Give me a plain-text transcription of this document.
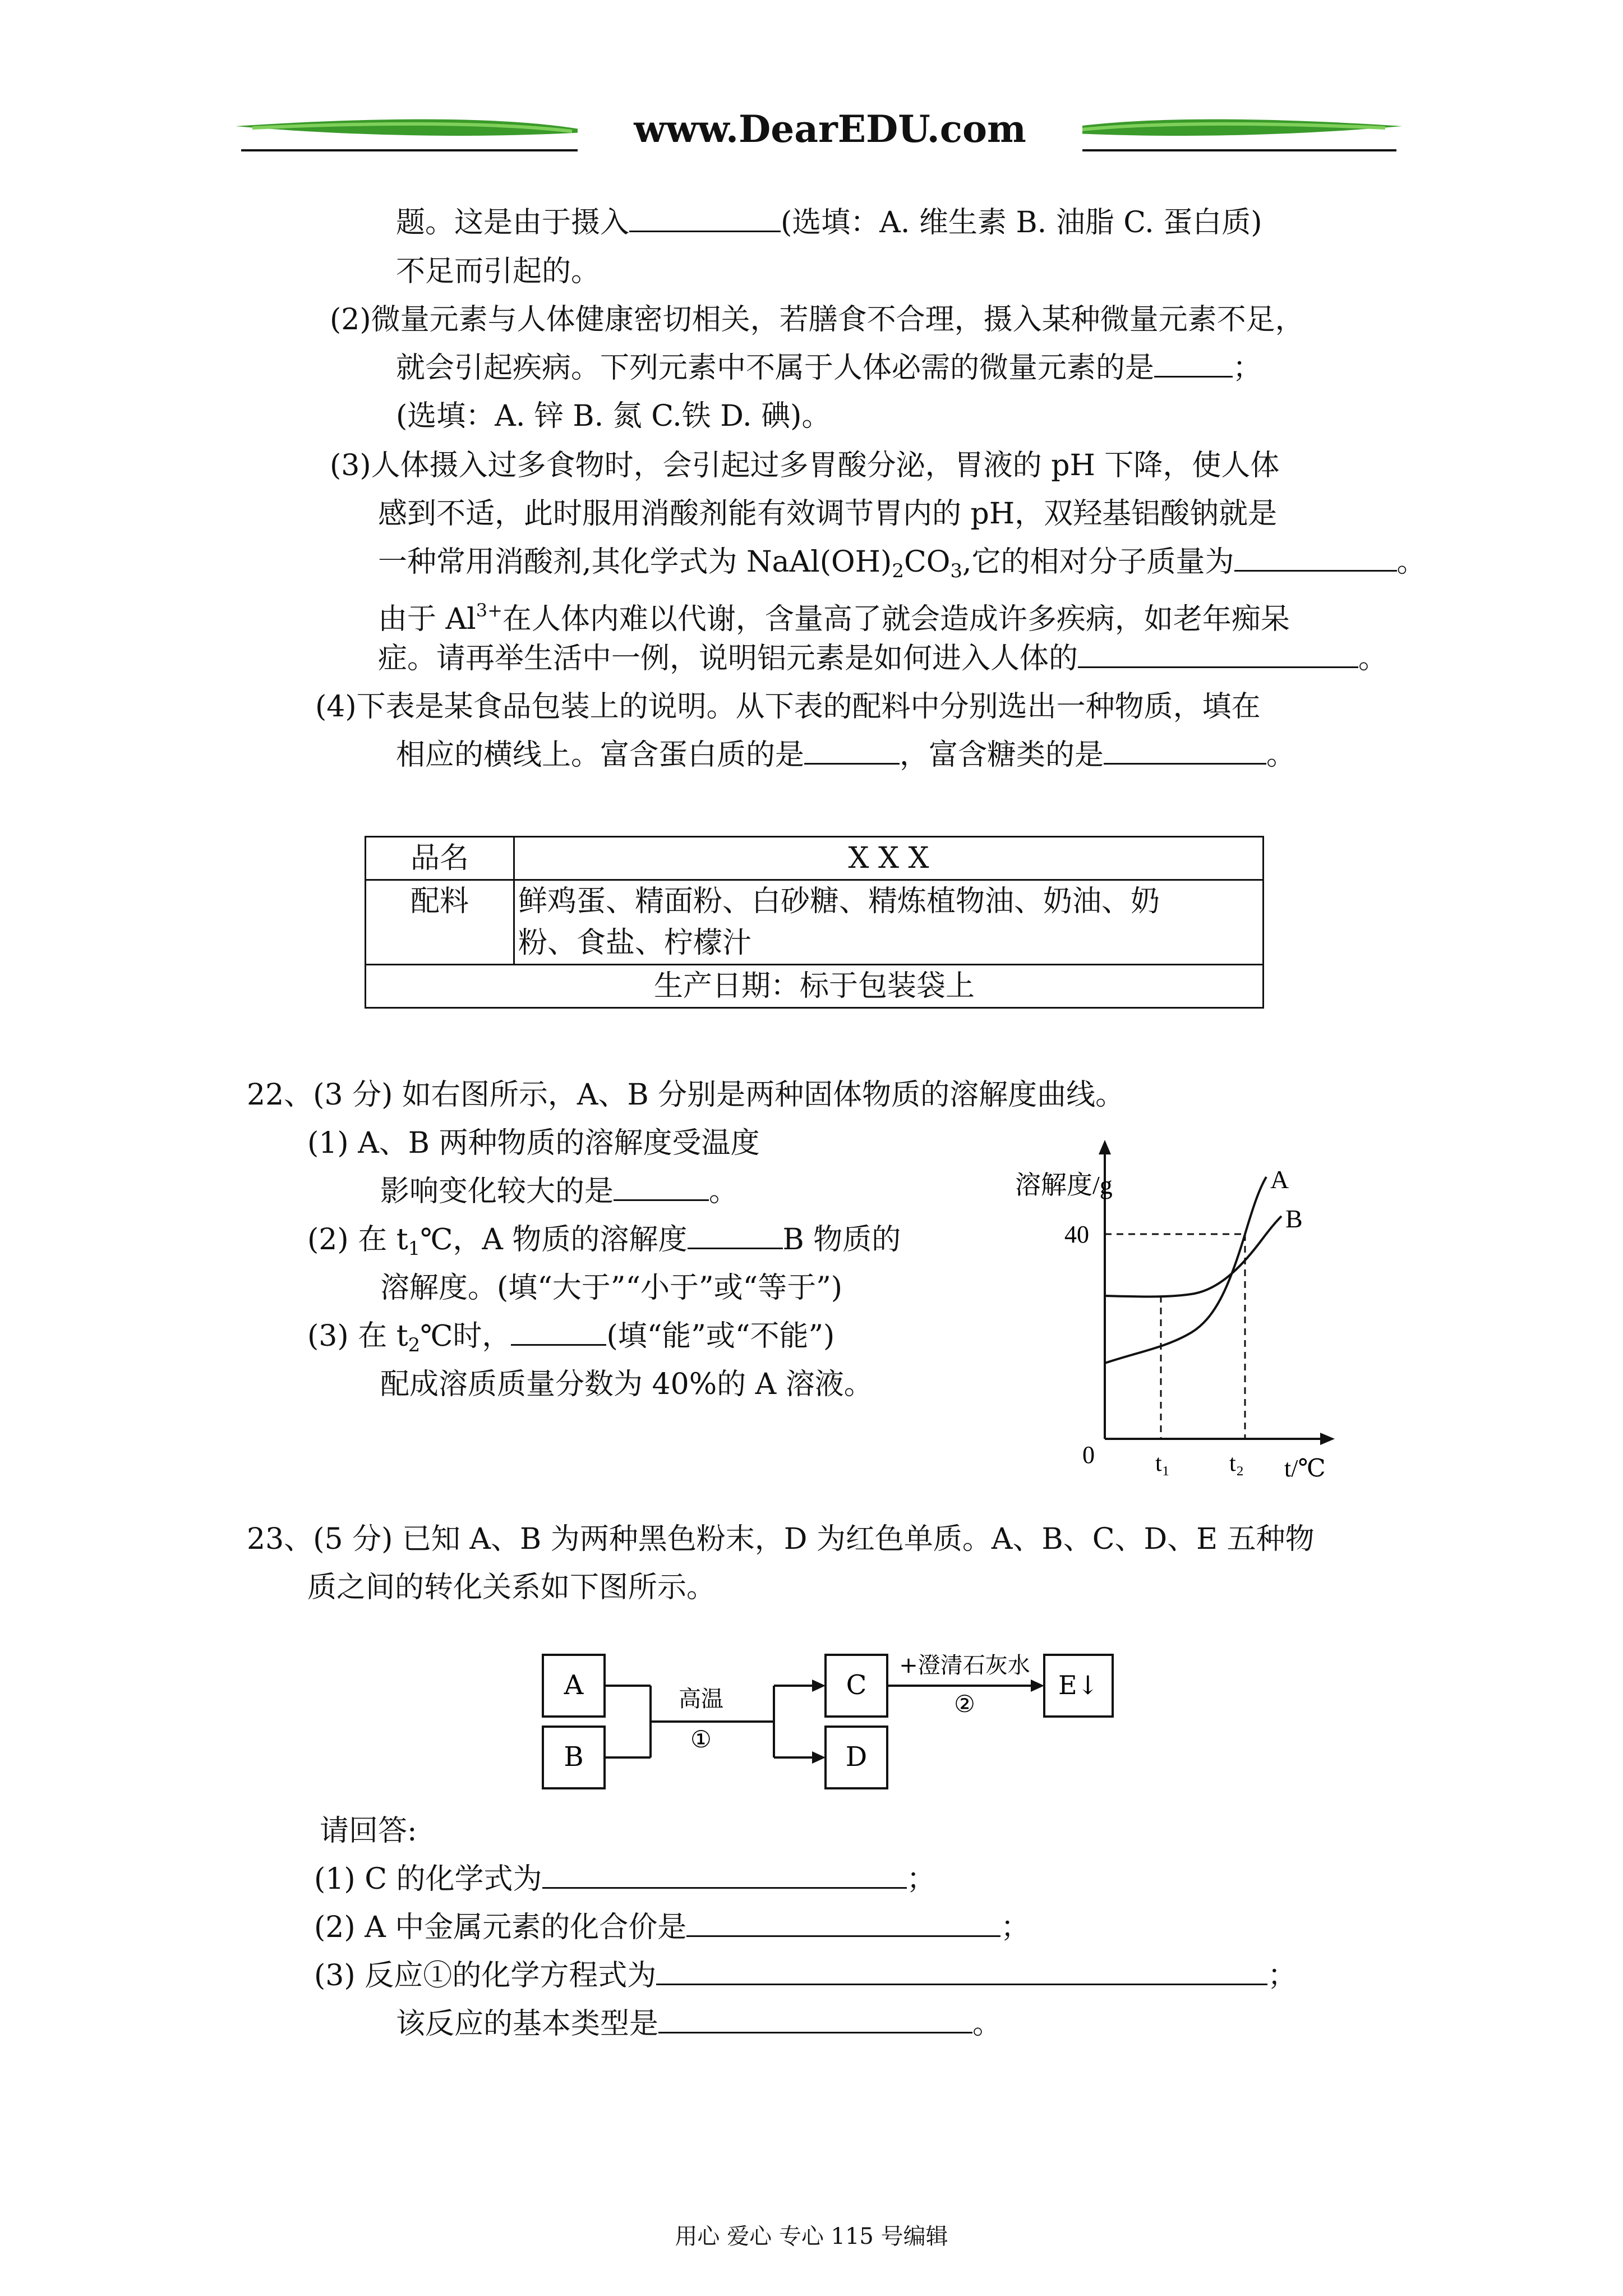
www.DearEDU.com
题。这是由于摄入	(选填：A. 维生素 B. 油脂 C. 蛋白质)
不足而引起的。
(2)微量元素与人体健康密切相关，若膳食不合理，摄入某种微量元素不足，
就会引起疾病。下列元素中不属于人体必需的微量元素的是	；
(选填：A. 锌 B. 氮 C.铁 D. 碘)。
(3)人体摄入过多食物时，会引起过多胃酸分泌，胃液的 pH 下降，使人体
感到不适，此时服用消酸剂能有效调节胃内的 pH，双羟基铝酸钠就是
一种常用消酸剂,其化学式为 $NaAl(OH)_2CO_3$,它的相对分子质量为	。
由于 $Al^{3+}$在人体内难以代谢，含量高了就会造成许多疾病，如老年痴呆
症。请再举生活中一例，说明铝元素是如何进入人体的	。
(4)下表是某食品包装上的说明。从下表的配料中分别选出一种物质，填在
相应的横线上。富含蛋白质的是	，富含糖类的是	。
品名	X X X
配料	鲜鸡蛋、精面粉、白砂糖、精炼植物油、奶油、奶
粉、食盐、柠檬汁

生产日期：标于包装袋上	
22、(3 分) 如右图所示，A、B 分别是两种固体物质的溶解度曲线。
(1) A、B 两种物质的溶解度受温度
影响变化较大的是	。
(2) 在 $t_1℃$，A 物质的溶解度	B 物质的
溶解度。(填“大于”“小于”或“等于”)
(3) 在 $t_2℃$时，	(填“能”或“不能”)
配成溶质质量分数为 40%的 A 溶液。
溶解度/g
0
40
t₁	t₂ t/℃
A
B
23、(5 分) 已知 A、B 为两种黑色粉末，D 为红色单质。A、B、C、D、E 五种物
质之间的转化关系如下图所示。
A
B
高温
①
C
D
+澄清石灰水
②
E↓
请回答:
(1) C 的化学式为	；
(2) A 中金属元素的化合价是	；
(3) 反应①的化学方程式为	；
该反应的基本类型是	。
用心 爱心 专心 115 号编辑
